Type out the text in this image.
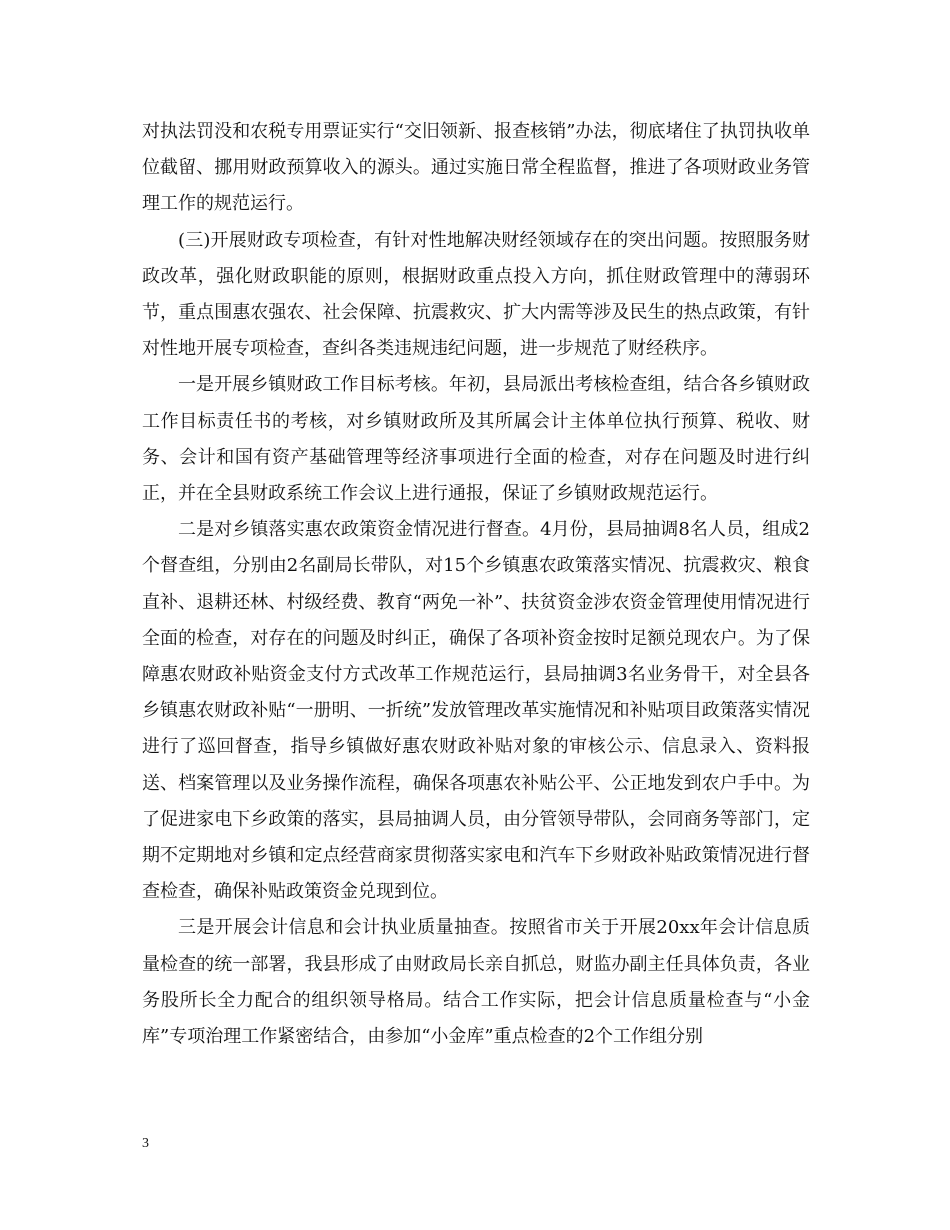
对执法罚没和农税专用票证实行“交旧领新、报查核销”办法，彻底堵住了执罚执收单位截留、挪用财政预算收入的源头。通过实施日常全程监督，推进了各项财政业务管理工作的规范运行。

(三)开展财政专项检查，有针对性地解决财经领域存在的突出问题。按照服务财政改革，强化财政职能的原则，根据财政重点投入方向，抓住财政管理中的薄弱环节，重点围惠农强农、社会保障、抗震救灾、扩大内需等涉及民生的热点政策，有针对性地开展专项检查，查纠各类违规违纪问题，进一步规范了财经秩序。

一是开展乡镇财政工作目标考核。年初，县局派出考核检查组，结合各乡镇财政工作目标责任书的考核，对乡镇财政所及其所属会计主体单位执行预算、税收、财务、会计和国有资产基础管理等经济事项进行全面的检查，对存在问题及时进行纠正，并在全县财政系统工作会议上进行通报，保证了乡镇财政规范运行。

二是对乡镇落实惠农政策资金情况进行督查。4月份，县局抽调8名人员，组成2个督查组，分别由2名副局长带队，对15个乡镇惠农政策落实情况、抗震救灾、粮食直补、退耕还林、村级经费、教育“两免一补”、扶贫资金涉农资金管理使用情况进行全面的检查，对存在的问题及时纠正，确保了各项补资金按时足额兑现农户。为了保障惠农财政补贴资金支付方式改革工作规范运行，县局抽调3名业务骨干，对全县各乡镇惠农财政补贴“一册明、一折统”发放管理改革实施情况和补贴项目政策落实情况进行了巡回督查，指导乡镇做好惠农财政补贴对象的审核公示、信息录入、资料报送、档案管理以及业务操作流程，确保各项惠农补贴公平、公正地发到农户手中。为了促进家电下乡政策的落实，县局抽调人员，由分管领导带队，会同商务等部门，定期不定期地对乡镇和定点经营商家贯彻落实家电和汽车下乡财政补贴政策情况进行督查检查，确保补贴政策资金兑现到位。

三是开展会计信息和会计执业质量抽查。按照省市关于开展20xx年会计信息质量检查的统一部署，我县形成了由财政局长亲自抓总，财监办副主任具体负责，各业务股所长全力配合的组织领导格局。结合工作实际，把会计信息质量检查与“小金库”专项治理工作紧密结合，由参加“小金库”重点检查的2个工作组分别

3
